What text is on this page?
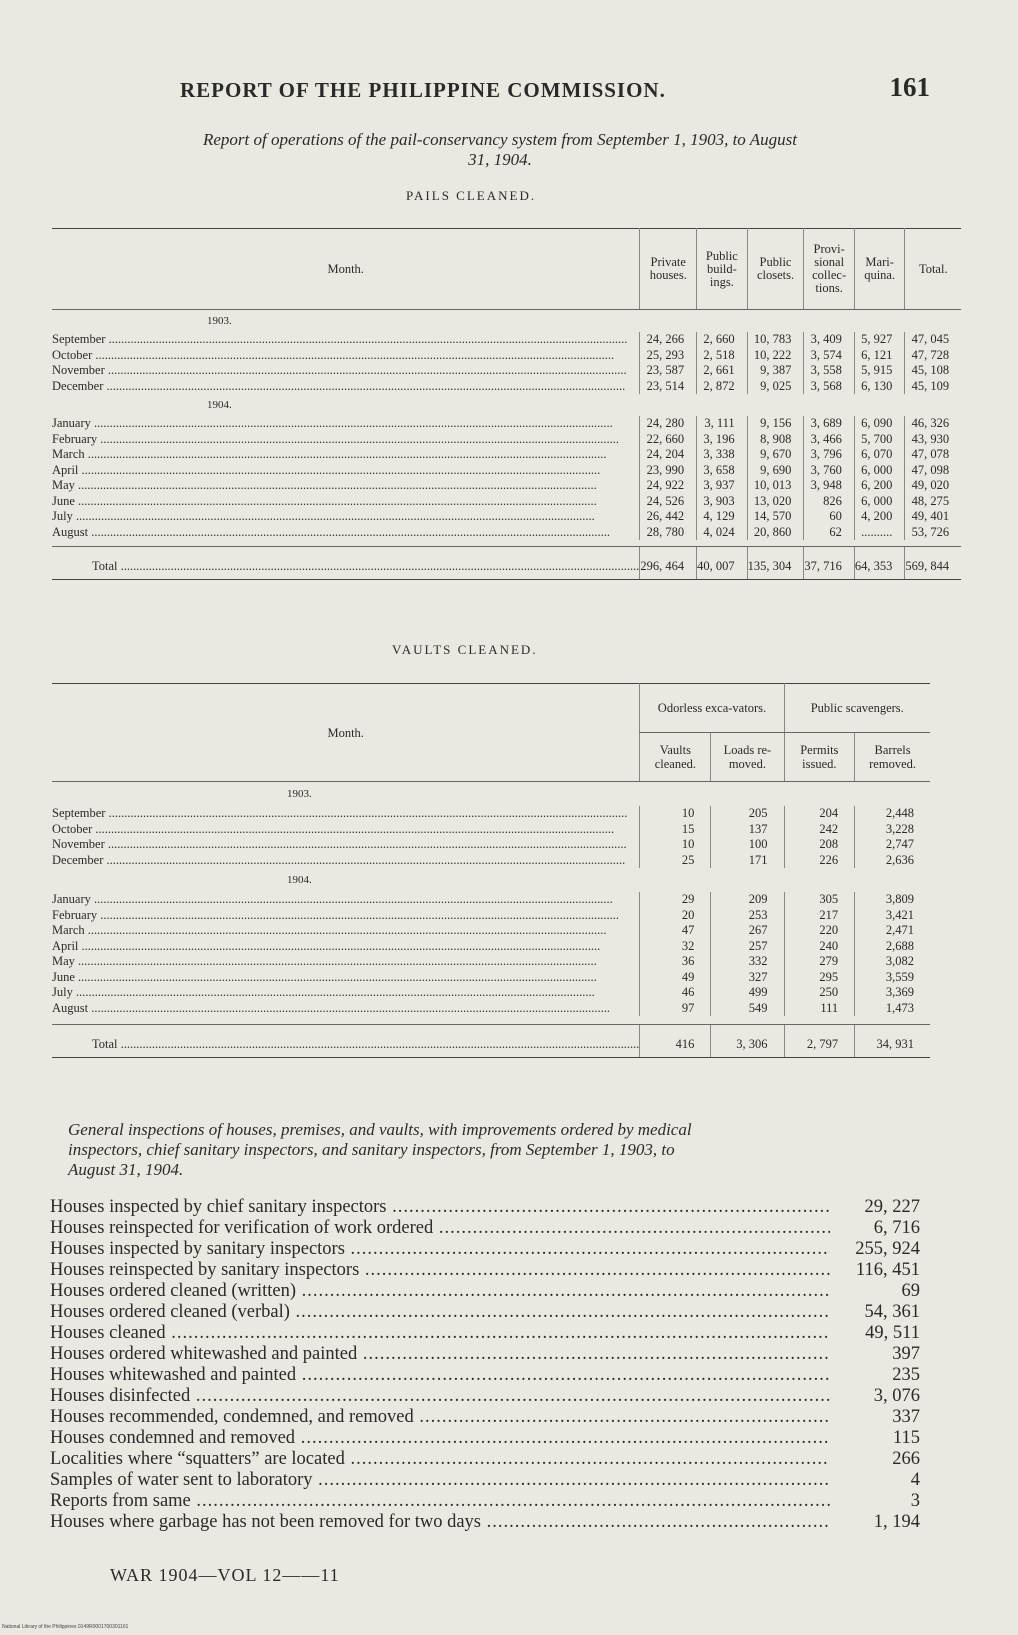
REPORT OF THE PHILIPPINE COMMISSION.	161
Report of operations of the pail-conservancy system from September 1, 1903, to August
31, 1904.
PAILS CLEANED.
Month.	Private houses.	Public build-ings.	Public closets.	Provi-sional collec-tions.	Mari-quina.	Total.
1903.						

September .....	24, 266	2, 660	10, 783	3, 409	5, 927	47, 045

October .....	25, 293	2, 518	10, 222	3, 574	6, 121	47, 728

November .....	23, 587	2, 661	9, 387	3, 558	5, 915	45, 108

December .....	23, 514	2, 872	9, 025	3, 568	6, 130	45, 109
1904.						

January .....	24, 280	3, 111	9, 156	3, 689	6, 090	46, 326

February .....	22, 660	3, 196	8, 908	3, 466	5, 700	43, 930

March .....	24, 204	3, 338	9, 670	3, 796	6, 070	47, 078

April .....	23, 990	3, 658	9, 690	3, 760	6, 000	47, 098

May .....	24, 922	3, 937	10, 013	3, 948	6, 200	49, 020

June .....	24, 526	3, 903	13, 020	826	6, 000	48, 275

July .....	26, 442	4, 129	14, 570	60	4, 200	49, 401

August .....	28, 780	4, 024	20, 860	62	..........	53, 726

Total .....	296, 464	40, 007	135, 304	37, 716	64, 353	569, 844
VAULTS CLEANED.
Month.	Odorless exca-vators.		Public scavengers.	
	Vaults cleaned.	Loads re-moved.	Permits issued.	Barrels removed.
1903.				

September .....	10	205	204	2,448

October .....	15	137	242	3,228

November .....	10	100	208	2,747

December .....	25	171	226	2,636
1904.				

January .....	29	209	305	3,809

February .....	20	253	217	3,421

March .....	47	267	220	2,471

April .....	32	257	240	2,688

May .....	36	332	279	3,082

June .....	49	327	295	3,559

July .....	46	499	250	3,369

August .....	97	549	111	1,473

Total .....	416	3, 306	2, 797	34, 931
General inspections of houses, premises, and vaults, with improvements ordered by medical
inspectors, chief sanitary inspectors, and sanitary inspectors, from September 1, 1903, to
August 31, 1904.
Houses inspected by chief sanitary inspectors .....	29, 227
Houses reinspected for verification of work ordered .....	6, 716
Houses inspected by sanitary inspectors .....	255, 924
Houses reinspected by sanitary inspectors .....	116, 451
Houses ordered cleaned (written) .....	69
Houses ordered cleaned (verbal) .....	54, 361
Houses cleaned .....	49, 511
Houses ordered whitewashed and painted .....	397
Houses whitewashed and painted .....	235
Houses disinfected .....	3, 076
Houses recommended, condemned, and removed .....	337
Houses condemned and removed .....	115
Localities where “squatters” are located .....	266
Samples of water sent to laboratory .....	4
Reports from same .....	3
Houses where garbage has not been removed for two days .....	1, 194
WAR 1904—VOL 12——11
National Library of the Philippines 0149R0001700301161
